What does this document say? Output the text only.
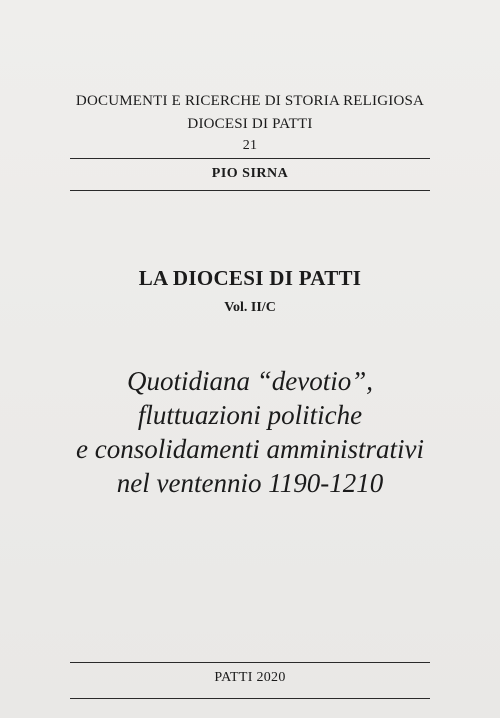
DOCUMENTI E RICERCHE DI STORIA RELIGIOSA
DIOCESI DI PATTI
21
PIO SIRNA
LA DIOCESI DI PATTI
Vol. II/C
Quotidiana “devotio”,
fluttuazioni politiche
e consolidamenti amministrativi
nel ventennio 1190-1210
PATTI 2020
